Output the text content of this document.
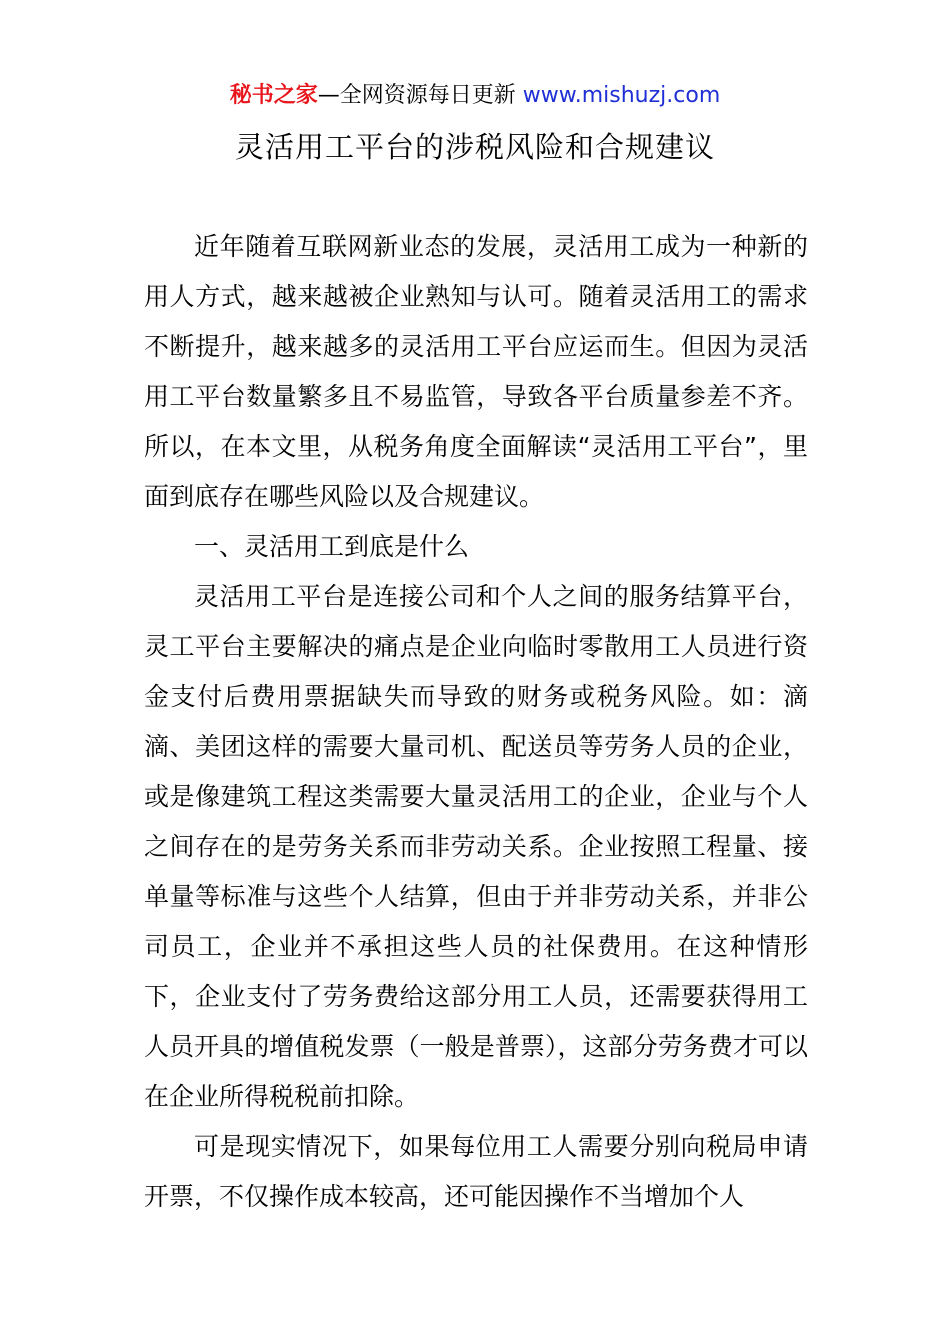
秘书之家—全网资源每日更新 www.mishuzj.com
灵活用工平台的涉税风险和合规建议

近年随着互联网新业态的发展，灵活用工成为一种新的用人方式，越来越被企业熟知与认可。随着灵活用工的需求不断提升，越来越多的灵活用工平台应运而生。但因为灵活用工平台数量繁多且不易监管，导致各平台质量参差不齐。所以，在本文里，从税务角度全面解读“灵活用工平台”，里面到底存在哪些风险以及合规建议。

一、灵活用工到底是什么

灵活用工平台是连接公司和个人之间的服务结算平台，灵工平台主要解决的痛点是企业向临时零散用工人员进行资金支付后费用票据缺失而导致的财务或税务风险。如：滴滴、美团这样的需要大量司机、配送员等劳务人员的企业，或是像建筑工程这类需要大量灵活用工的企业，企业与个人之间存在的是劳务关系而非劳动关系。企业按照工程量、接单量等标准与这些个人结算，但由于并非劳动关系，并非公司员工，企业并不承担这些人员的社保费用。在这种情形下，企业支付了劳务费给这部分用工人员，还需要获得用工人员开具的增值税发票（一般是普票），这部分劳务费才可以在企业所得税税前扣除。

可是现实情况下，如果每位用工人需要分别向税局申请开票，不仅操作成本较高，还可能因操作不当增加个人
